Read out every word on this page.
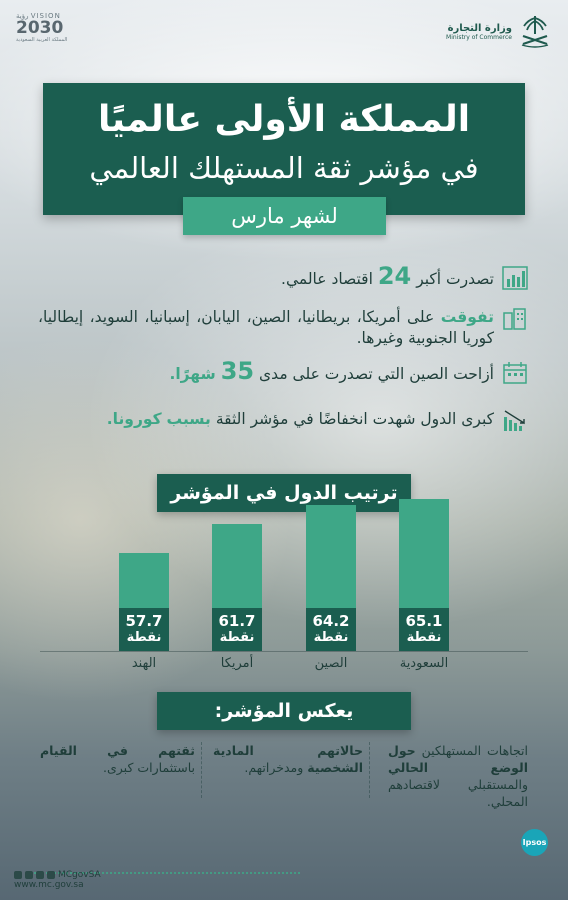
رؤية VISION
2030
المملكة العربية السعودية
وزارة التجارة
Ministry of Commerce
المملكة الأولى عالميًا
في مؤشر ثقة المستهلك العالمي
لشهر مارس
تصدرت أكبر 24 اقتصاد عالمي.
تفوقت على أمريكا، بريطانيا، الصين، اليابان، إسبانيا، السويد، إيطاليا، كوريا الجنوبية وغيرها.
أزاحت الصين التي تصدرت على مدى 35 شهرًا.
كبرى الدول شهدت انخفاضًا في مؤشر الثقة بسبب كورونا.
ترتيب الدول في المؤشر
65.1
نقطة
السعودية
64.2
نقطة
الصين
61.7
نقطة
أمريكا
57.7
نقطة
الهند
يعكس المؤشر:
اتجاهات المستهلكين حول الوضع الحالي والمستقبلي لاقتصادهم المحلي.
حالاتهم المادية الشخصية ومدخراتهم.
ثقتهم في القيام باستثمارات كبرى.
Ipsos
MCgovSA
www.mc.gov.sa
